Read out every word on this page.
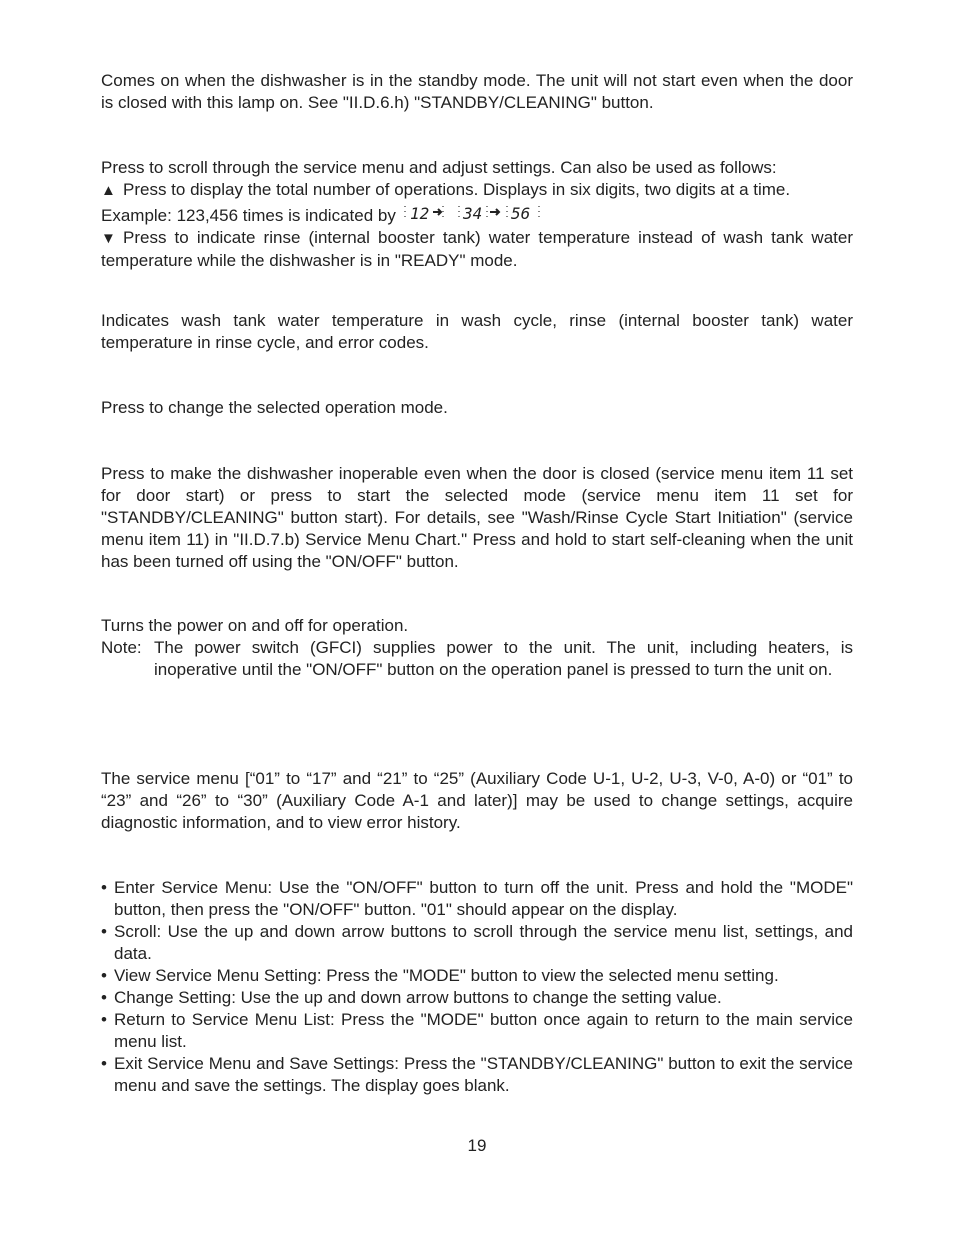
Comes on when the dishwasher is in the standby mode. The unit will not start even when the door is closed with this lamp on. See "II.D.6.h) "STANDBY/CLEANING" button.

Press to scroll through the service menu and adjust settings. Can also be used as follows:

▲ Press to display the total number of operations. Displays in six digits, two digits at a time.

Example: 123,456 times is indicated by 12 34 56

▼ Press to indicate rinse (internal booster tank) water temperature instead of wash tank water temperature while the dishwasher is in "READY" mode.

Indicates wash tank water temperature in wash cycle, rinse (internal booster tank) water temperature in rinse cycle, and error codes.

Press to change the selected operation mode.

Press to make the dishwasher inoperable even when the door is closed (service menu item 11 set for door start) or press to start the selected mode (service menu item 11 set for "STANDBY/CLEANING" button start). For details, see "Wash/Rinse Cycle Start Initiation" (service menu item 11) in "II.D.7.b) Service Menu Chart." Press and hold to start self-cleaning when the unit has been turned off using the "ON/OFF" button.

Turns the power on and off for operation.

Note: The power switch (GFCI) supplies power to the unit. The unit, including heaters, is inoperative until the "ON/OFF" button on the operation panel is pressed to turn the unit on.

The service menu [“01” to “17” and “21” to “25” (Auxiliary Code U-1, U-2, U-3, V-0, A-0) or “01” to “23” and “26” to “30” (Auxiliary Code A-1 and later)] may be used to change settings, acquire diagnostic information, and to view error history.

• Enter Service Menu: Use the "ON/OFF" button to turn off the unit. Press and hold the "MODE" button, then press the "ON/OFF" button. "01" should appear on the display.
• Scroll: Use the up and down arrow buttons to scroll through the service menu list, settings, and data.
• View Service Menu Setting: Press the "MODE" button to view the selected menu setting.
• Change Setting: Use the up and down arrow buttons to change the setting value.
• Return to Service Menu List: Press the "MODE" button once again to return to the main service menu list.
• Exit Service Menu and Save Settings: Press the "STANDBY/CLEANING" button to exit the service menu and save the settings. The display goes blank.
19
